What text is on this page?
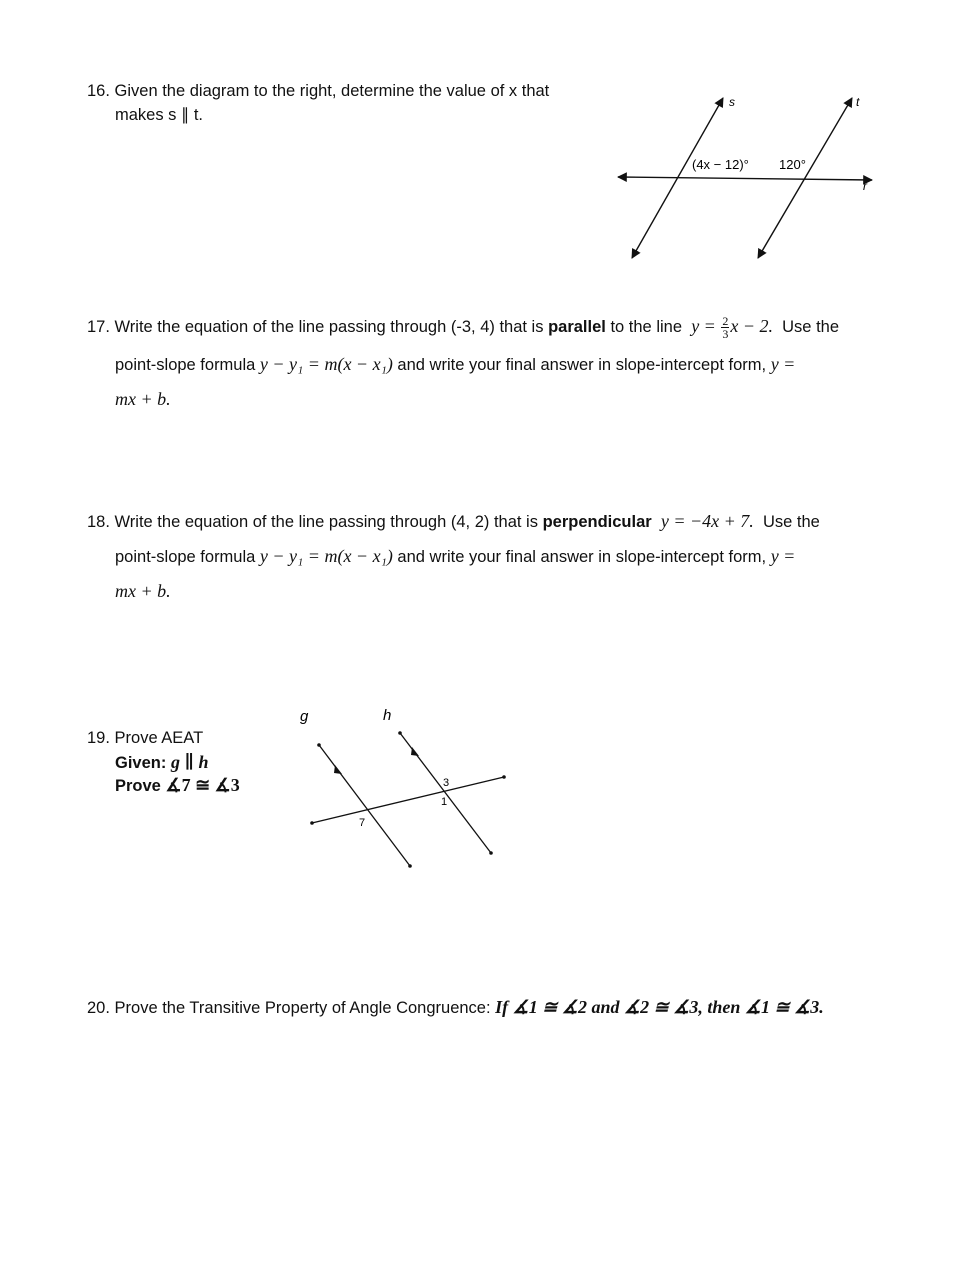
16. Given the diagram to the right, determine the value of x that
makes s ∥ t.
s	t
r
(4x − 12)° 120°
17. Write the equation of the line passing through (-3, 4) that is parallel to the line $y = \frac{2}{3}$ x − 2. Use the
point-slope formula y − y₁ = m(x − x₁) and write your final answer in slope-intercept form, y =
mx + b.
18. Write the equation of the line passing through (4, 2) that is perpendicular y = −4x + 7. Use the
point-slope formula y − y₁ = m(x − x₁) and write your final answer in slope-intercept form, y =
mx + b.
19. Prove AEAT
Given: g ∥ h
Prove ∡7 ≅ ∡3
g	h
7
3
1
20. Prove the Transitive Property of Angle Congruence: If ∡1 ≅ ∡2 and ∡2 ≅ ∡3, then ∡1 ≅ ∡3.
